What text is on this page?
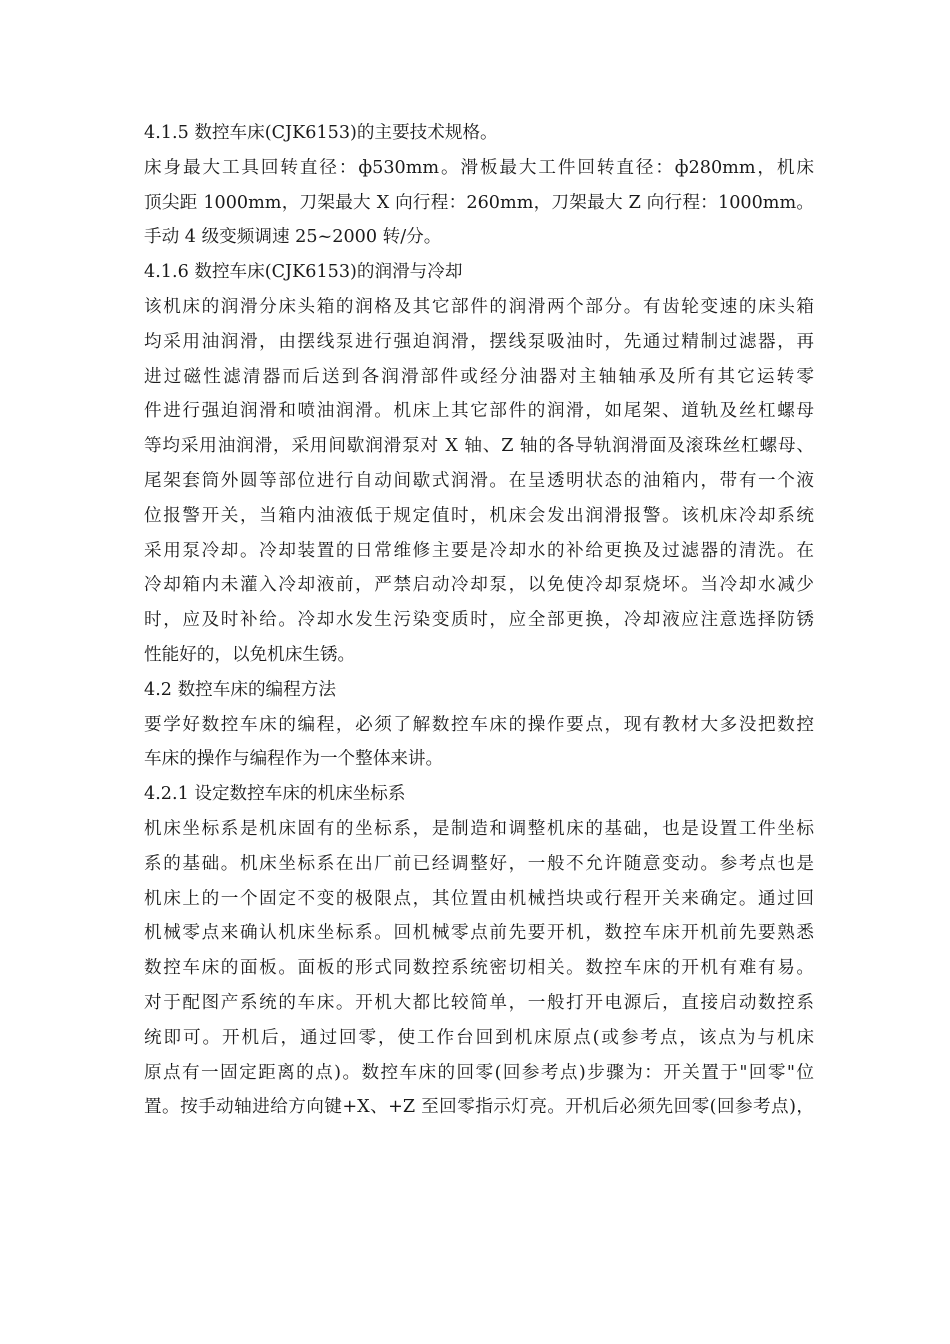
4.1.5 数控车床(CJK6153)的主要技术规格。
床身最大工具回转直径：ф530mm。滑板最大工件回转直径：ф280mm，机床
顶尖距 1000mm，刀架最大 X 向行程：260mm，刀架最大 Z 向行程：1000mm。
手动 4 级变频调速 25~2000 转/分。
4.1.6 数控车床(CJK6153)的润滑与冷却
该机床的润滑分床头箱的润格及其它部件的润滑两个部分。有齿轮变速的床头箱
均采用油润滑，由摆线泵进行强迫润滑，摆线泵吸油时，先通过精制过滤器，再
进过磁性滤清器而后送到各润滑部件或经分油器对主轴轴承及所有其它运转零
件进行强迫润滑和喷油润滑。机床上其它部件的润滑，如尾架、道轨及丝杠螺母
等均采用油润滑，采用间歇润滑泵对 X 轴、Z 轴的各导轨润滑面及滚珠丝杠螺母、
尾架套筒外圆等部位进行自动间歇式润滑。在呈透明状态的油箱内，带有一个液
位报警开关，当箱内油液低于规定值时，机床会发出润滑报警。该机床冷却系统
采用泵冷却。冷却装置的日常维修主要是冷却水的补给更换及过滤器的清洗。在
冷却箱内未灌入冷却液前，严禁启动冷却泵，以免使冷却泵烧坏。当冷却水减少
时，应及时补给。冷却水发生污染变质时，应全部更换，冷却液应注意选择防锈
性能好的，以免机床生锈。
4.2 数控车床的编程方法
要学好数控车床的编程，必须了解数控车床的操作要点，现有教材大多没把数控
车床的操作与编程作为一个整体来讲。
4.2.1 设定数控车床的机床坐标系
机床坐标系是机床固有的坐标系，是制造和调整机床的基础，也是设置工件坐标
系的基础。机床坐标系在出厂前已经调整好，一般不允许随意变动。参考点也是
机床上的一个固定不变的极限点，其位置由机械挡块或行程开关来确定。通过回
机械零点来确认机床坐标系。回机械零点前先要开机，数控车床开机前先要熟悉
数控车床的面板。面板的形式同数控系统密切相关。数控车床的开机有难有易。
对于配图产系统的车床。开机大都比较简单，一般打开电源后，直接启动数控系
统即可。开机后，通过回零，使工作台回到机床原点(或参考点，该点为与机床
原点有一固定距离的点)。数控车床的回零(回参考点)步骤为：开关置于"回零"位
置。按手动轴进给方向键+X、+Z 至回零指示灯亮。开机后必须先回零(回参考点)，
